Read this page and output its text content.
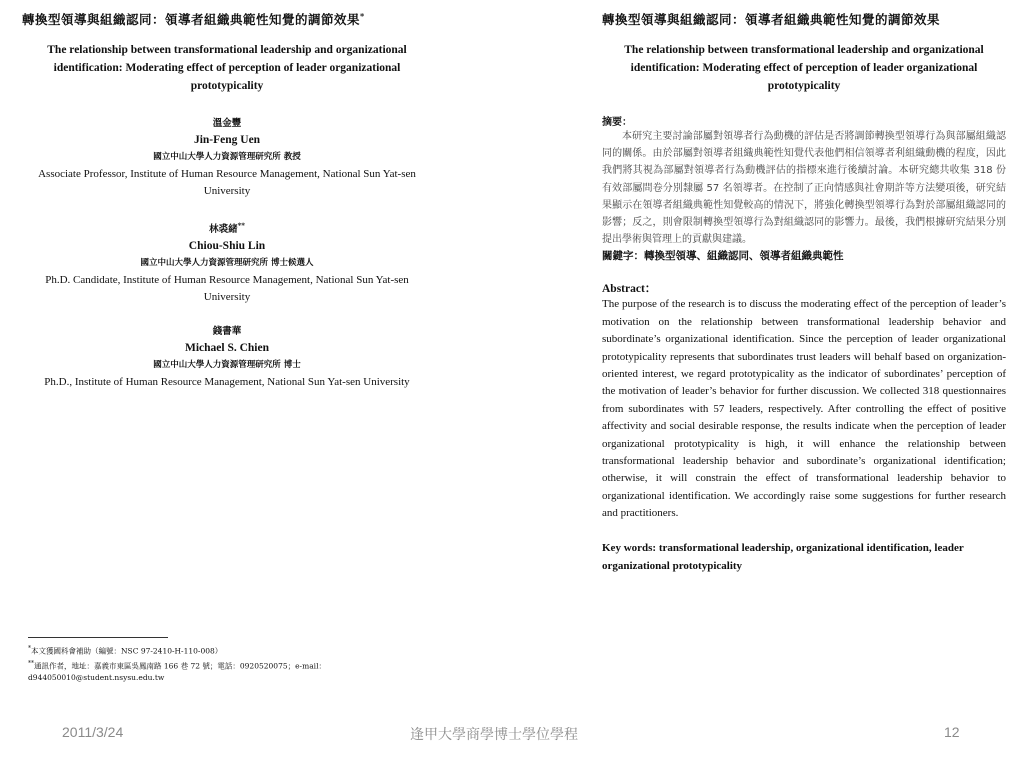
轉換型領導與組織認同：領導者組織典範性知覺的調節效果*
The relationship between transformational leadership and organizational identification: Moderating effect of perception of leader organizational prototypicality
溫金豐
Jin-Feng Uen
國立中山大學人力資源管理研究所 教授
Associate Professor, Institute of Human Resource Management, National Sun Yat-sen University
林裘緒**
Chiou-Shiu Lin
國立中山大學人力資源管理研究所 博士候選人
Ph.D. Candidate, Institute of Human Resource Management, National Sun Yat-sen University
錢書華
Michael S. Chien
國立中山大學人力資源管理研究所 博士
Ph.D., Institute of Human Resource Management, National Sun Yat-sen University
*本文獲國科會補助（編號：NSC 97-2410-H-110-008）
**通訊作者，地址：嘉義市東區吳鳳南路 166 巷 72 號；電話：0920520075；e-mail：d944050010@student.nsysu.edu.tw
轉換型領導與組織認同：領導者組織典範性知覺的調節效果
The relationship between transformational leadership and organizational identification: Moderating effect of perception of leader organizational prototypicality
摘要：
本研究主要討論部屬對領導者行為動機的評估是否將調節轉換型領導行為與部屬組織認同的關係。由於部屬對領導者組織典範性知覺代表他們相信領導者利組織動機的程度，因此我們將其視為部屬對領導者行為動機評估的指標來進行後續討論。本研究總共收集 318 份有效部屬問卷分別隸屬 57 名領導者。在控制了正向情感與社會期許等方法變項後，研究結果顯示在領導者組織典範性知覺較高的情況下，將強化轉換型領導行為對於部屬組織認同的影響；反之，則會限制轉換型領導行為對組織認同的影響力。最後，我們根據研究結果分別提出學術與管理上的貢獻與建議。
關鍵字：轉換型領導、組織認同、領導者組織典範性
Abstract：
The purpose of the research is to discuss the moderating effect of the perception of leader’s motivation on the relationship between transformational leadership behavior and subordinate’s organizational identification. Since the perception of leader organizational prototypicality represents that subordinates trust leaders will behalf based on organization-oriented interest, we regard prototypicality as the indicator of subordinates’ perception of the motivation of leader’s behavior for further discussion. We collected 318 questionnaires from subordinates with 57 leaders, respectively. After controlling the effect of positive affectivity and social desirable response, the results indicate when the perception of leader organizational prototypicality is high, it will enhance the relationship between transformational leadership behavior and subordinate’s organizational identification; otherwise, it will constrain the effect of transformational leadership behavior to organizational identification. We accordingly raise some suggestions for further research and practitioners.
Key words: transformational leadership, organizational identification, leader organizational prototypicality
2011/3/24	逢甲大學商學博士學位學程	12
